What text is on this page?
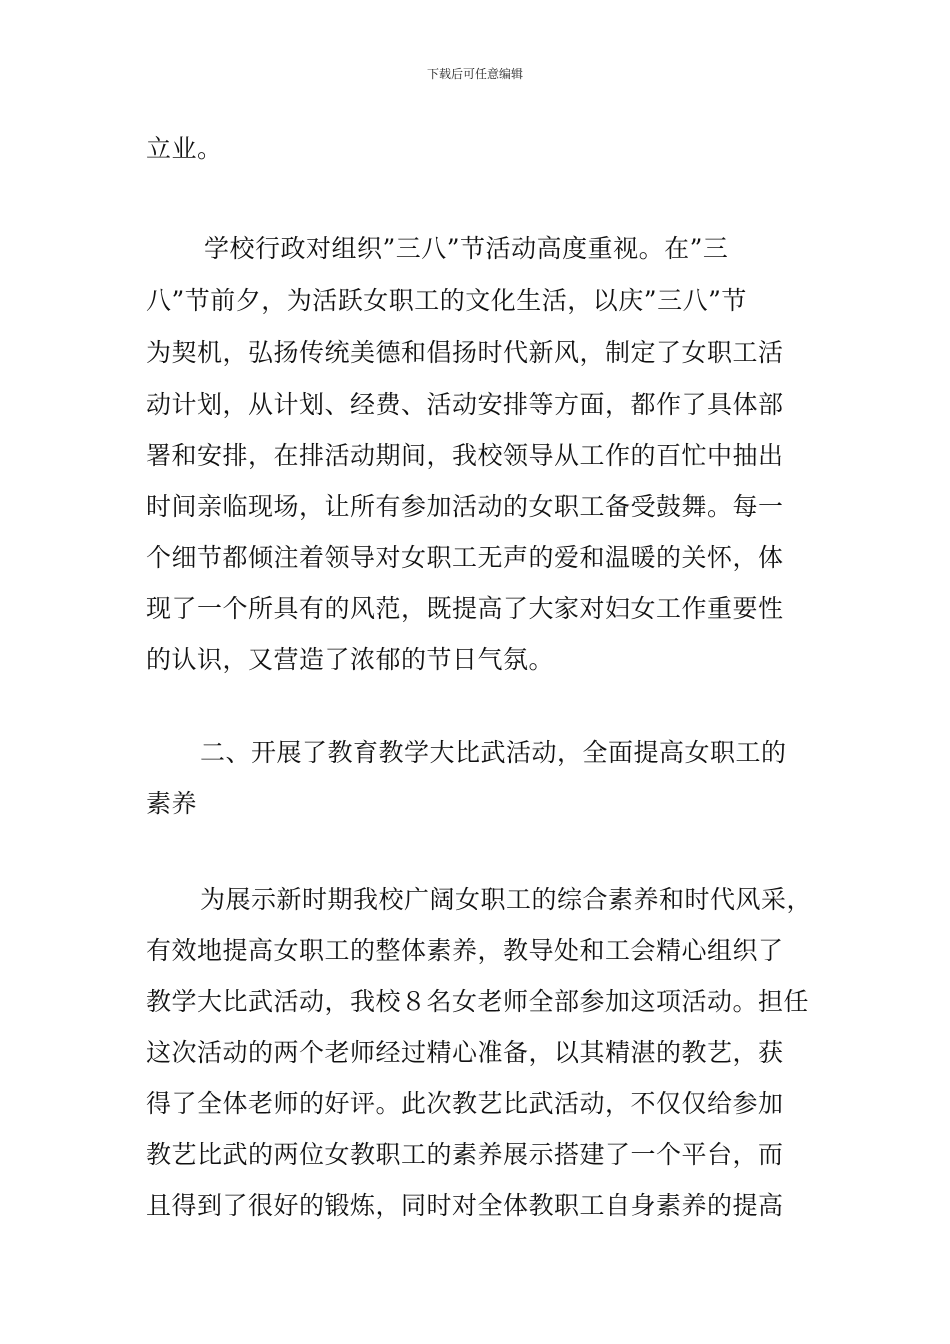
下载后可任意编辑
立业。
学校行政对组织”三八”节活动高度重视。在”三
八”节前夕，为活跃女职工的文化生活，以庆”三八”节
为契机，弘扬传统美德和倡扬时代新风，制定了女职工活
动计划，从计划、经费、活动安排等方面，都作了具体部
署和安排，在排活动期间，我校领导从工作的百忙中抽出
时间亲临现场，让所有参加活动的女职工备受鼓舞。每一
个细节都倾注着领导对女职工无声的爱和温暖的关怀，体
现了一个所具有的风范，既提高了大家对妇女工作重要性
的认识，又营造了浓郁的节日气氛。
二、开展了教育教学大比武活动，全面提高女职工的
素养
为展示新时期我校广阔女职工的综合素养和时代风采，
有效地提高女职工的整体素养，教导处和工会精心组织了
教学大比武活动，我校８名女老师全部参加这项活动。担任
这次活动的两个老师经过精心准备，以其精湛的教艺，获
得了全体老师的好评。此次教艺比武活动，不仅仅给参加
教艺比武的两位女教职工的素养展示搭建了一个平台，而
且得到了很好的锻炼，同时对全体教职工自身素养的提高
